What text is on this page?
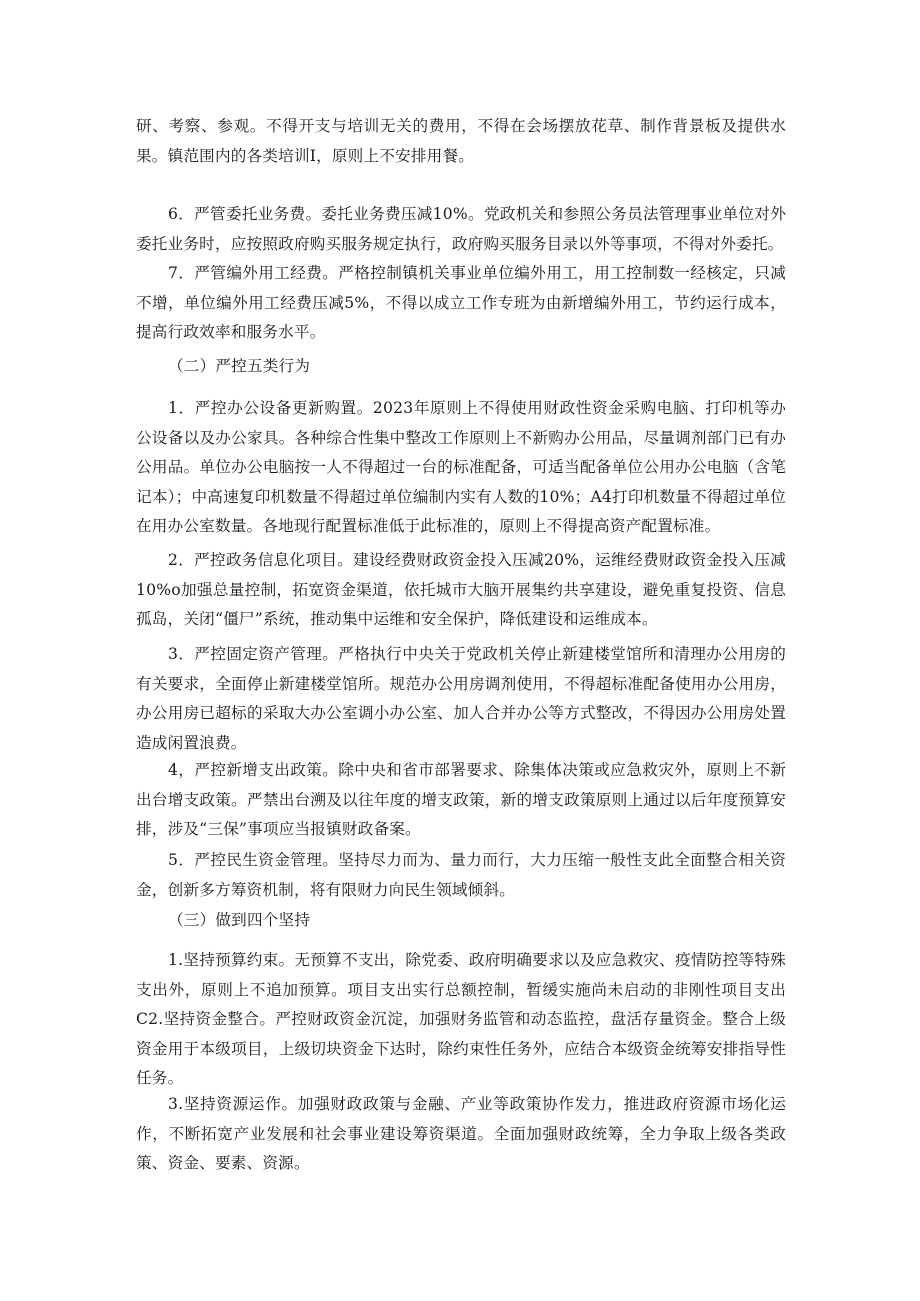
研、考察、参观。不得开支与培训无关的费用，不得在会场摆放花草、制作背景板及提供水果。镇范围内的各类培训I，原则上不安排用餐。

6．严管委托业务费。委托业务费压减10%。党政机关和参照公务员法管理事业单位对外委托业务时，应按照政府购买服务规定执行，政府购买服务目录以外等事项，不得对外委托。

7．严管编外用工经费。严格控制镇机关事业单位编外用工，用工控制数一经核定，只减不增，单位编外用工经费压减5%，不得以成立工作专班为由新增编外用工，节约运行成本，提高行政效率和服务水平。

（二）严控五类行为

1．严控办公设备更新购置。2023年原则上不得使用财政性资金采购电脑、打印机等办公设备以及办公家具。各种综合性集中整改工作原则上不新购办公用品，尽量调剂部门已有办公用品。单位办公电脑按一人不得超过一台的标准配备，可适当配备单位公用办公电脑（含笔记本）；中高速复印机数量不得超过单位编制内实有人数的10%；A4打印机数量不得超过单位在用办公室数量。各地现行配置标准低于此标准的，原则上不得提高资产配置标准。

2．严控政务信息化项目。建设经费财政资金投入压减20%，运维经费财政资金投入压减10%o加强总量控制，拓宽资金渠道，依托城市大脑开展集约共享建设，避免重复投资、信息孤岛，关闭“僵尸”系统，推动集中运维和安全保护，降低建设和运维成本。

3．严控固定资产管理。严格执行中央关于党政机关停止新建楼堂馆所和清理办公用房的有关要求，全面停止新建楼堂馆所。规范办公用房调剂使用，不得超标准配备使用办公用房，办公用房已超标的采取大办公室调小办公室、加人合并办公等方式整改，不得因办公用房处置造成闲置浪费。

4，严控新增支出政策。除中央和省市部署要求、除集体决策或应急救灾外，原则上不新出台增支政策。严禁出台溯及以往年度的增支政策，新的增支政策原则上通过以后年度预算安排，涉及“三保”事项应当报镇财政备案。

5．严控民生资金管理。坚持尽力而为、量力而行，大力压缩一般性支此全面整合相关资金，创新多方筹资机制，将有限财力向民生领域倾斜。

（三）做到四个坚持

1.坚持预算约束。无预算不支出，除党委、政府明确要求以及应急救灾、疫情防控等特殊支出外，原则上不追加预算。项目支出实行总额控制，暂缓实施尚未启动的非刚性项目支出C2.坚持资金整合。严控财政资金沉淀，加强财务监管和动态监控，盘活存量资金。整合上级资金用于本级项目，上级切块资金下达时，除约束性任务外，应结合本级资金统筹安排指导性任务。

3.坚持资源运作。加强财政政策与金融、产业等政策协作发力，推进政府资源市场化运作，不断拓宽产业发展和社会事业建设筹资渠道。全面加强财政统筹，全力争取上级各类政策、资金、要素、资源。
